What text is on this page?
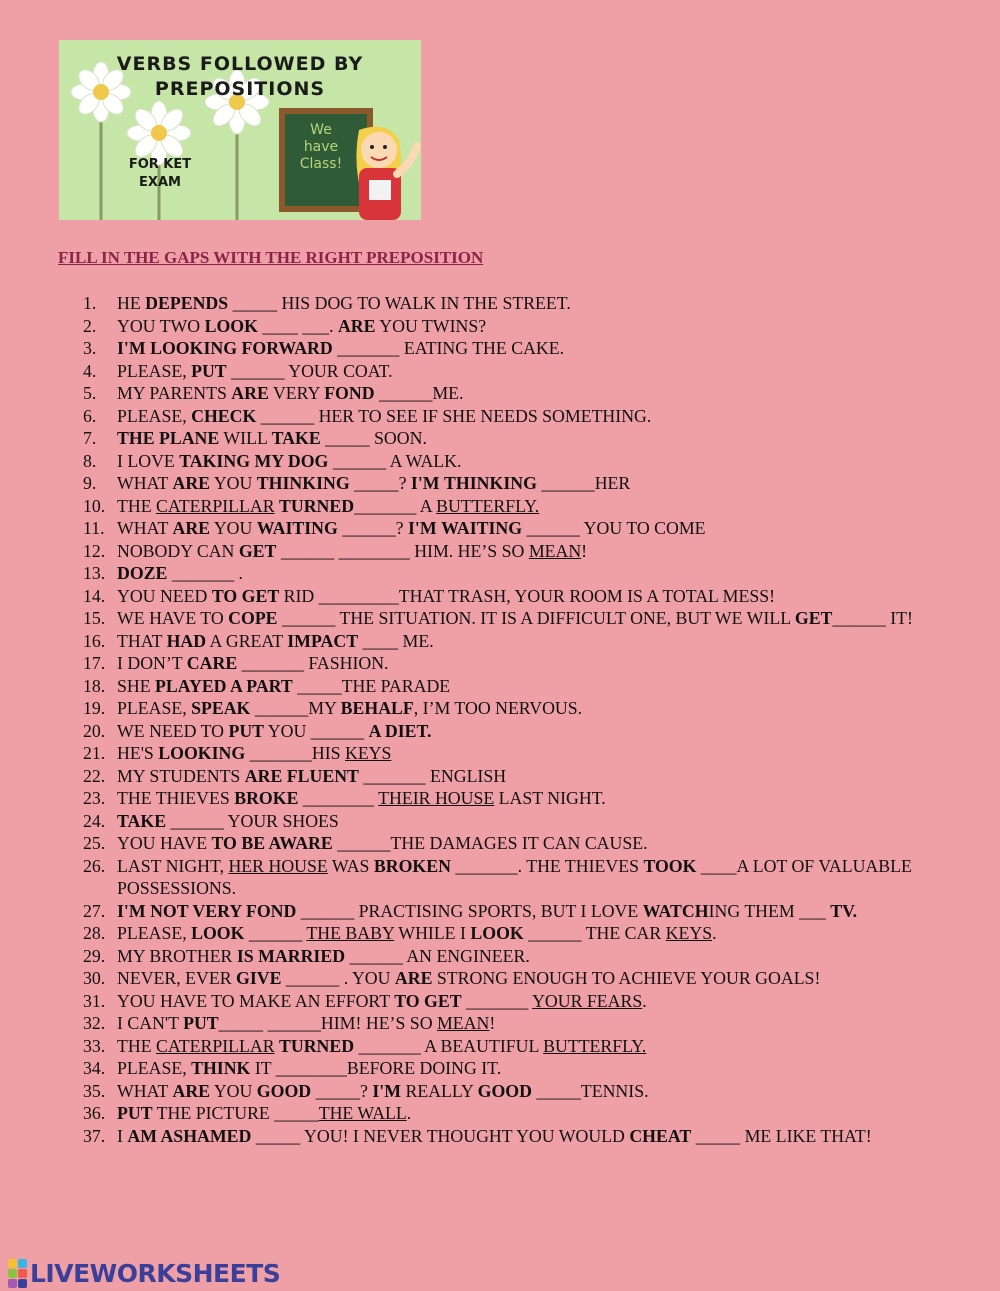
VERBS FOLLOWED BY
PREPOSITIONS
FOR KET
EXAM
We
have
Class!
FILL IN THE GAPS WITH THE RIGHT PREPOSITION
1.	HE DEPENDS _____ HIS DOG TO WALK IN THE STREET.
2.	YOU TWO LOOK ____ ___. ARE YOU TWINS?
3.	I'M LOOKING FORWARD _______ EATING THE CAKE.
4.	PLEASE, PUT ______ YOUR COAT.
5.	MY PARENTS ARE VERY FOND ______ME.
6.	PLEASE, CHECK ______ HER TO SEE IF SHE NEEDS SOMETHING.
7.	THE PLANE WILL TAKE _____ SOON.
8.	I LOVE TAKING MY DOG ______ A WALK.
9.	WHAT ARE YOU THINKING _____? I'M THINKING ______HER
10. THE CATERPILLAR TURNED_______ A BUTTERFLY.
11. WHAT ARE YOU WAITING ______? I'M WAITING ______ YOU TO COME
12. NOBODY CAN GET ______ ________ HIM. HE’S SO MEAN!
13. DOZE _______ .
14. YOU NEED TO GET RID _________THAT TRASH, YOUR ROOM IS A TOTAL MESS!
15. WE HAVE TO COPE ______ THE SITUATION. IT IS A DIFFICULT ONE, BUT WE WILL GET______ IT!
16. THAT HAD A GREAT IMPACT ____ ME.
17. I DON’T CARE _______ FASHION.
18. SHE PLAYED A PART _____THE PARADE
19. PLEASE, SPEAK ______MY BEHALF, I’M TOO NERVOUS.
20. WE NEED TO PUT YOU ______ A DIET.
21. HE'S LOOKING _______HIS KEYS
22. MY STUDENTS ARE FLUENT _______ ENGLISH
23. THE THIEVES BROKE ________ THEIR HOUSE LAST NIGHT.
24. TAKE ______ YOUR SHOES
25. YOU HAVE TO BE AWARE ______THE DAMAGES IT CAN CAUSE.
26. LAST NIGHT, HER HOUSE WAS BROKEN _______. THE THIEVES TOOK ____A LOT OF VALUABLE POSSESSIONS.
27. I'M NOT VERY FOND ______ PRACTISING SPORTS, BUT I LOVE WATCHING THEM ___ TV.
28. PLEASE, LOOK ______ THE BABY WHILE I LOOK ______ THE CAR KEYS.
29. MY BROTHER IS MARRIED ______ AN ENGINEER.
30. NEVER, EVER GIVE ______ . YOU ARE STRONG ENOUGH TO ACHIEVE YOUR GOALS!
31. YOU HAVE TO MAKE AN EFFORT TO GET _______ YOUR FEARS.
32. I CAN'T PUT_____ ______HIM! HE’S SO MEAN!
33. THE CATERPILLAR TURNED _______ A BEAUTIFUL BUTTERFLY.
34. PLEASE, THINK IT ________BEFORE DOING IT.
35. WHAT ARE YOU GOOD _____? I'M REALLY GOOD _____TENNIS.
36. PUT THE PICTURE _____THE WALL.
37. I AM ASHAMED _____ YOU! I NEVER THOUGHT YOU WOULD CHEAT _____ ME LIKE THAT!
LIVEWORKSHEETS
